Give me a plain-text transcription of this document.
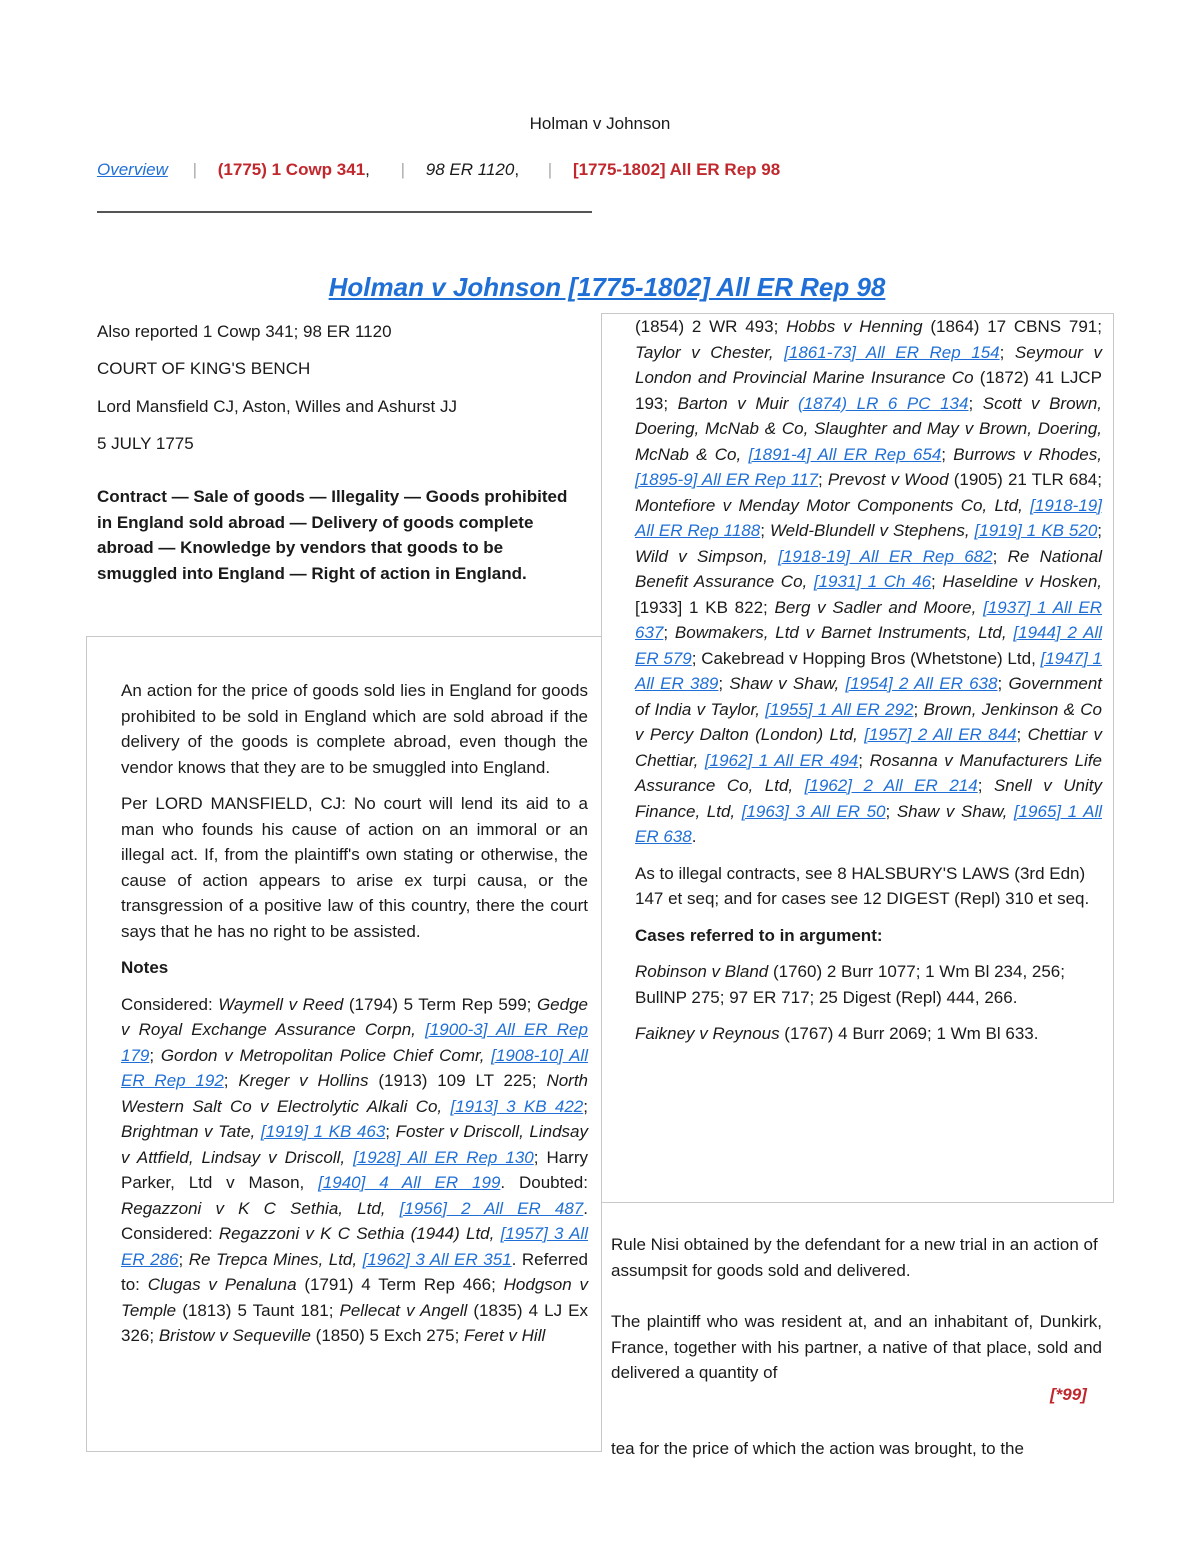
Holman v Johnson
Overview | (1775) 1 Cowp 341, | 98 ER 1120, | [1775-1802] All ER Rep 98
Holman v Johnson [1775-1802] All ER Rep 98
Also reported 1 Cowp 341; 98 ER 1120
COURT OF KING'S BENCH
Lord Mansfield CJ, Aston, Willes and Ashurst JJ
5 JULY 1775
Contract — Sale of goods — Illegality — Goods prohibited in England sold abroad — Delivery of goods complete abroad — Knowledge by vendors that goods to be smuggled into England — Right of action in England.

An action for the price of goods sold lies in England for goods prohibited to be sold in England which are sold abroad if the delivery of the goods is complete abroad, even though the vendor knows that they are to be smuggled into England.

Per LORD MANSFIELD, CJ: No court will lend its aid to a man who founds his cause of action on an immoral or an illegal act. If, from the plaintiff's own stating or otherwise, the cause of action appears to arise ex turpi causa, or the transgression of a positive law of this country, there the court says that he has no right to be assisted.

Notes

Considered: Waymell v Reed (1794) 5 Term Rep 599; Gedge v Royal Exchange Assurance Corpn, [1900-3] All ER Rep 179; Gordon v Metropolitan Police Chief Comr, [1908-10] All ER Rep 192; Kreger v Hollins (1913) 109 LT 225; North Western Salt Co v Electrolytic Alkali Co, [1913] 3 KB 422; Brightman v Tate, [1919] 1 KB 463; Foster v Driscoll, Lindsay v Attfield, Lindsay v Driscoll, [1928] All ER Rep 130; Harry Parker, Ltd v Mason, [1940] 4 All ER 199. Doubted: Regazzoni v K C Sethia, Ltd, [1956] 2 All ER 487. Considered: Regazzoni v K C Sethia (1944) Ltd, [1957] 3 All ER 286; Re Trepca Mines, Ltd, [1962] 3 All ER 351. Referred to: Clugas v Penaluna (1791) 4 Term Rep 466; Hodgson v Temple (1813) 5 Taunt 181; Pellecat v Angell (1835) 4 LJ Ex 326; Bristow v Sequeville (1850) 5 Exch 275; Feret v Hill

(1854) 2 WR 493; Hobbs v Henning (1864) 17 CBNS 791; Taylor v Chester, [1861-73] All ER Rep 154; Seymour v London and Provincial Marine Insurance Co (1872) 41 LJCP 193; Barton v Muir (1874) LR 6 PC 134; Scott v Brown, Doering, McNab & Co, Slaughter and May v Brown, Doering, McNab & Co, [1891-4] All ER Rep 654; Burrows v Rhodes, [1895-9] All ER Rep 117; Prevost v Wood (1905) 21 TLR 684; Montefiore v Menday Motor Components Co, Ltd, [1918-19] All ER Rep 1188; Weld-Blundell v Stephens, [1919] 1 KB 520; Wild v Simpson, [1918-19] All ER Rep 682; Re National Benefit Assurance Co, [1931] 1 Ch 46; Haseldine v Hosken, [1933] 1 KB 822; Berg v Sadler and Moore, [1937] 1 All ER 637; Bowmakers, Ltd v Barnet Instruments, Ltd, [1944] 2 All ER 579; Cakebread v Hopping Bros (Whetstone) Ltd, [1947] 1 All ER 389; Shaw v Shaw, [1954] 2 All ER 638; Government of India v Taylor, [1955] 1 All ER 292; Brown, Jenkinson & Co v Percy Dalton (London) Ltd, [1957] 2 All ER 844; Chettiar v Chettiar, [1962] 1 All ER 494; Rosanna v Manufacturers Life Assurance Co, Ltd, [1962] 2 All ER 214; Snell v Unity Finance, Ltd, [1963] 3 All ER 50; Shaw v Shaw, [1965] 1 All ER 638.

As to illegal contracts, see 8 HALSBURY'S LAWS (3rd Edn) 147 et seq; and for cases see 12 DIGEST (Repl) 310 et seq.

Cases referred to in argument:

Robinson v Bland (1760) 2 Burr 1077; 1 Wm Bl 234, 256; BullNP 275; 97 ER 717; 25 Digest (Repl) 444, 266.

Faikney v Reynous (1767) 4 Burr 2069; 1 Wm Bl 633.

Rule Nisi obtained by the defendant for a new trial in an action of assumpsit for goods sold and delivered.
The plaintiff who was resident at, and an inhabitant of, Dunkirk, France, together with his partner, a native of that place, sold and delivered a quantity of
[*99]
tea for the price of which the action was brought, to the
